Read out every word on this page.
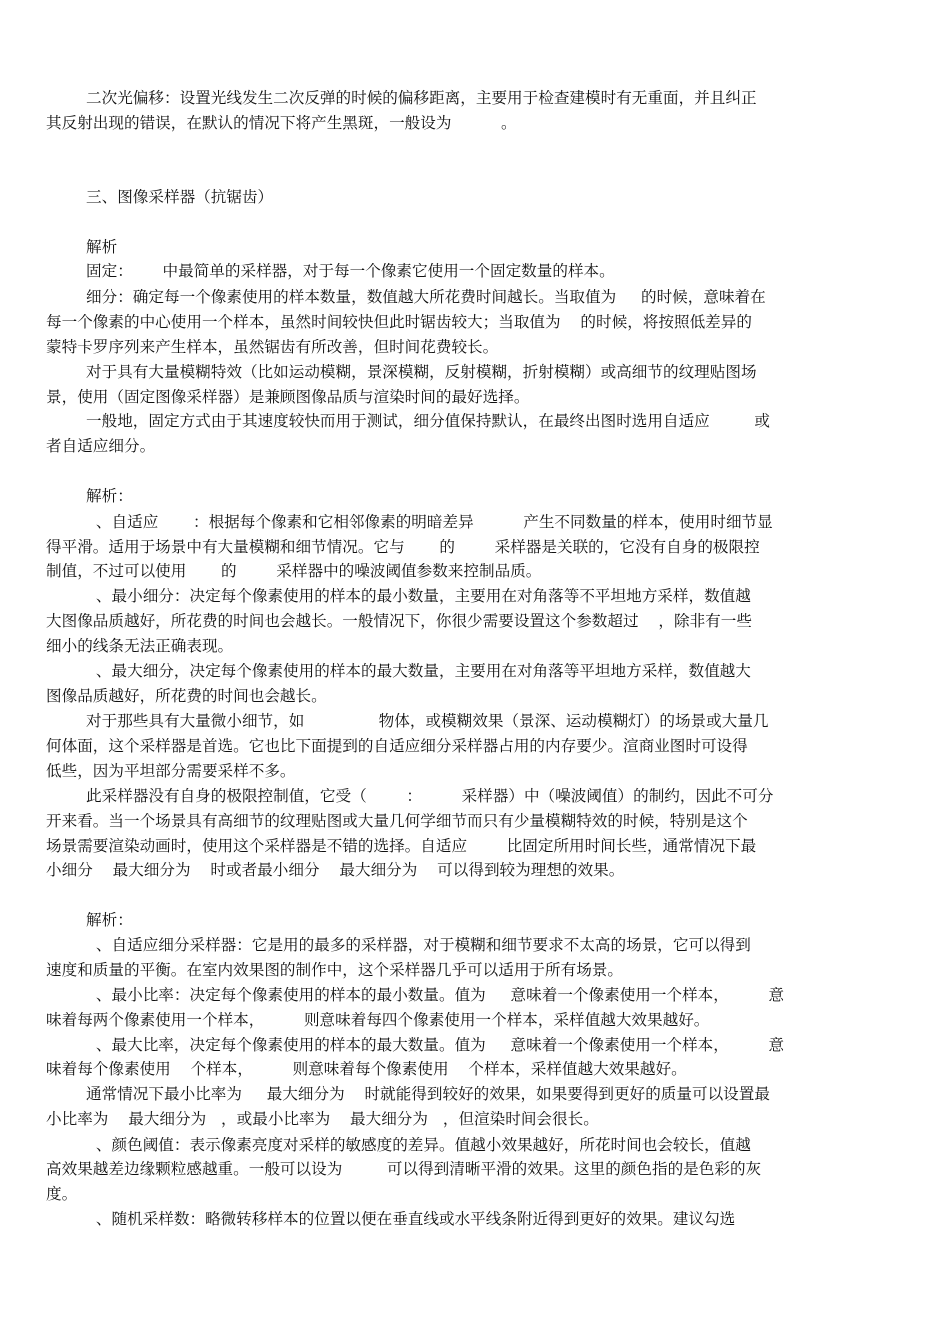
二次光偏移：设置光线发生二次反弹的时候的偏移距离，主要用于检查建模时有无重面，并且纠正
其反射出现的错误，在默认的情况下将产生黑斑，一般设为          。
三、图像采样器（抗锯齿）
解析
固定：      中最简单的采样器，对于每一个像素它使用一个固定数量的样本。
细分：确定每一个像素使用的样本数量，数值越大所花费时间越长。当取值为     的时候，意味着在
每一个像素的中心使用一个样本，虽然时间较快但此时锯齿较大；当取值为    的时候，将按照低差异的
蒙特卡罗序列来产生样本，虽然锯齿有所改善，但时间花费较长。
对于具有大量模糊特效（比如运动模糊，景深模糊，反射模糊，折射模糊）或高细节的纹理贴图场
景，使用（固定图像采样器）是兼顾图像品质与渲染时间的最好选择。
一般地，固定方式由于其速度较快而用于测试，细分值保持默认，在最终出图时选用自适应         或
者自适应细分。
解析：
、自适应       ：根据每个像素和它相邻像素的明暗差异          产生不同数量的样本，使用时细节显
得平滑。适用于场景中有大量模糊和细节情况。它与       的        采样器是关联的，它没有自身的极限控
制值，不过可以使用       的        采样器中的噪波阈值参数来控制品质。
、最小细分：决定每个像素使用的样本的最小数量，主要用在对角落等不平坦地方采样，数值越
大图像品质越好，所花费的时间也会越长。一般情况下，你很少需要设置这个参数超过    ，除非有一些
细小的线条无法正确表现。
、最大细分，决定每个像素使用的样本的最大数量，主要用在对角落等平坦地方采样，数值越大
图像品质越好，所花费的时间也会越长。
对于那些具有大量微小细节，如               物体，或模糊效果（景深、运动模糊灯）的场景或大量几
何体面，这个采样器是首选。它也比下面提到的自适应细分采样器占用的内存要少。渲商业图时可设得
低些，因为平坦部分需要采样不多。
此采样器没有自身的极限控制值，它受（        ：        采样器）中（噪波阈值）的制约，因此不可分
开来看。当一个场景具有高细节的纹理贴图或大量几何学细节而只有少量模糊特效的时候，特别是这个
场景需要渲染动画时，使用这个采样器是不错的选择。自适应        比固定所用时间长些，通常情况下最
小细分    最大细分为    时或者最小细分    最大细分为    可以得到较为理想的效果。
解析：
、自适应细分采样器：它是用的最多的采样器，对于模糊和细节要求不太高的场景，它可以得到
速度和质量的平衡。在室内效果图的制作中，这个采样器几乎可以适用于所有场景。
、最小比率：决定每个像素使用的样本的最小数量。值为     意味着一个像素使用一个样本，        意
味着每两个像素使用一个样本，        则意味着每四个像素使用一个样本，采样值越大效果越好。
、最大比率，决定每个像素使用的样本的最大数量。值为     意味着一个像素使用一个样本，        意
味着每个像素使用    个样本，        则意味着每个像素使用    个样本，采样值越大效果越好。
通常情况下最小比率为     最大细分为    时就能得到较好的效果，如果要得到更好的质量可以设置最
小比率为    最大细分为   ，或最小比率为    最大细分为   ，但渲染时间会很长。
、颜色阈值：表示像素亮度对采样的敏感度的差异。值越小效果越好，所花时间也会较长，值越
高效果越差边缘颗粒感越重。一般可以设为         可以得到清晰平滑的效果。这里的颜色指的是色彩的灰
度。
、随机采样数：略微转移样本的位置以便在垂直线或水平线条附近得到更好的效果。建议勾选
